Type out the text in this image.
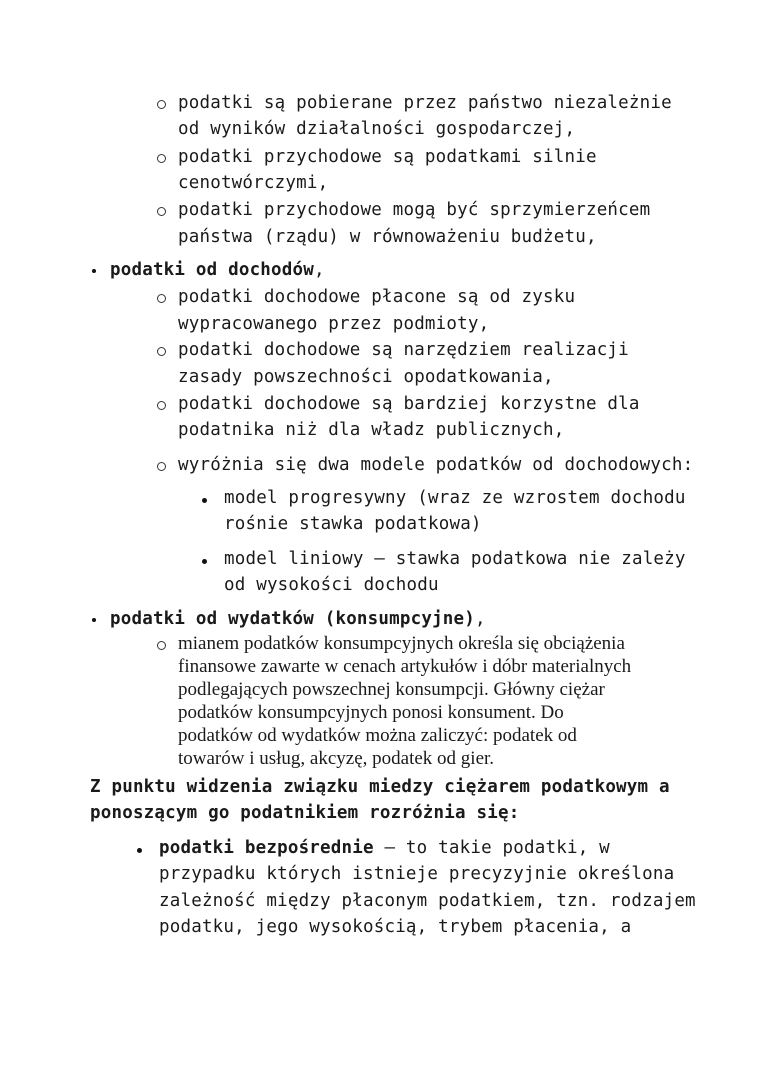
podatki są pobierane przez państwo niezależnie
od wyników działalności gospodarczej,
podatki przychodowe są podatkami silnie
cenotwórczymi,
podatki przychodowe mogą być sprzymierzeńcem
państwa (rządu) w równoważeniu budżetu,
podatki od dochodów,
podatki dochodowe płacone są od zysku
wypracowanego przez podmioty,
podatki dochodowe są narzędziem realizacji
zasady powszechności opodatkowania,
podatki dochodowe są bardziej korzystne dla
podatnika niż dla władz publicznych,
wyróżnia się dwa modele podatków od dochodowych:
model progresywny (wraz ze wzrostem dochodu
rośnie stawka podatkowa)
model liniowy – stawka podatkowa nie zależy
od wysokości dochodu
podatki od wydatków (konsumpcyjne),
mianem podatków konsumpcyjnych określa się obciążenia
finansowe zawarte w cenach artykułów i dóbr materialnych
podlegających powszechnej konsumpcji. Główny ciężar
podatków konsumpcyjnych ponosi konsument. Do
podatków od wydatków można zaliczyć: podatek od
towarów i usług, akcyzę, podatek od gier.
Z punktu widzenia związku miedzy ciężarem podatkowym a
ponoszącym go podatnikiem rozróżnia się:
podatki bezpośrednie – to takie podatki, w
przypadku których istnieje precyzyjnie określona
zależność między płaconym podatkiem, tzn. rodzajem
podatku, jego wysokością, trybem płacenia, a
